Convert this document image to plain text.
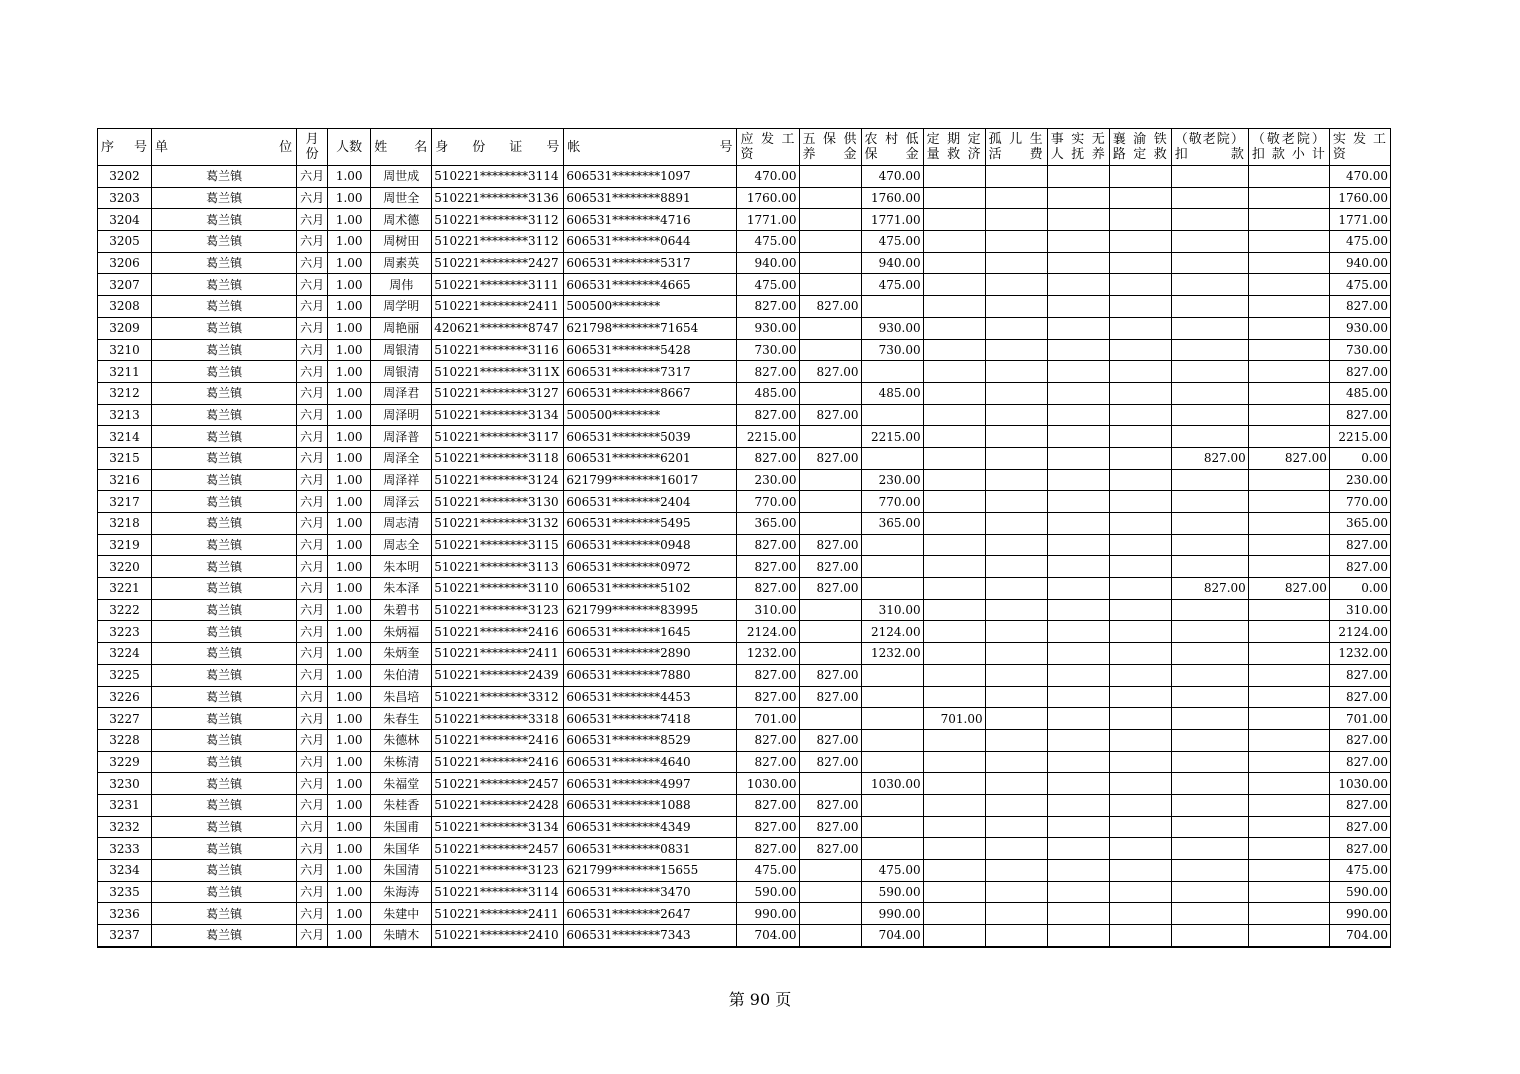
序　号	单　　　　　　位	月份	人数	姓　名	身　份　证　号	帐　　　　　　　号	应发工资	五保供养金	农村低保金	定期定量救济	孤儿生活费	事实无人抚养	襄渝铁路定救	（敬老院）扣　　款	（敬老院）扣款小计	实发工资
3202	葛兰镇	六月	1.00	周世成	510221********3114	606531********1097	470.00		470.00							470.00
3203	葛兰镇	六月	1.00	周世全	510221********3136	606531********8891	1760.00		1760.00							1760.00
3204	葛兰镇	六月	1.00	周术德	510221********3112	606531********4716	1771.00		1771.00							1771.00
3205	葛兰镇	六月	1.00	周树田	510221********3112	606531********0644	475.00		475.00							475.00
3206	葛兰镇	六月	1.00	周素英	510221********2427	606531********5317	940.00		940.00							940.00
3207	葛兰镇	六月	1.00	周伟	510221********3111	606531********4665	475.00		475.00							475.00
3208	葛兰镇	六月	1.00	周学明	510221********2411	500500********	827.00	827.00								827.00
3209	葛兰镇	六月	1.00	周艳丽	420621********8747	621798********71654	930.00		930.00							930.00
3210	葛兰镇	六月	1.00	周银清	510221********3116	606531********5428	730.00		730.00							730.00
3211	葛兰镇	六月	1.00	周银清	510221********311X	606531********7317	827.00	827.00								827.00
3212	葛兰镇	六月	1.00	周泽君	510221********3127	606531********8667	485.00		485.00							485.00
3213	葛兰镇	六月	1.00	周泽明	510221********3134	500500********	827.00	827.00								827.00
3214	葛兰镇	六月	1.00	周泽普	510221********3117	606531********5039	2215.00		2215.00							2215.00
3215	葛兰镇	六月	1.00	周泽全	510221********3118	606531********6201	827.00	827.00						827.00	827.00	0.00
3216	葛兰镇	六月	1.00	周泽祥	510221********3124	621799********16017	230.00		230.00							230.00
3217	葛兰镇	六月	1.00	周泽云	510221********3130	606531********2404	770.00		770.00							770.00
3218	葛兰镇	六月	1.00	周志清	510221********3132	606531********5495	365.00		365.00							365.00
3219	葛兰镇	六月	1.00	周志全	510221********3115	606531********0948	827.00	827.00								827.00
3220	葛兰镇	六月	1.00	朱本明	510221********3113	606531********0972	827.00	827.00								827.00
3221	葛兰镇	六月	1.00	朱本泽	510221********3110	606531********5102	827.00	827.00						827.00	827.00	0.00
3222	葛兰镇	六月	1.00	朱碧书	510221********3123	621799********83995	310.00		310.00							310.00
3223	葛兰镇	六月	1.00	朱炳福	510221********2416	606531********1645	2124.00		2124.00							2124.00
3224	葛兰镇	六月	1.00	朱炳奎	510221********2411	606531********2890	1232.00		1232.00							1232.00
3225	葛兰镇	六月	1.00	朱伯清	510221********2439	606531********7880	827.00	827.00								827.00
3226	葛兰镇	六月	1.00	朱昌培	510221********3312	606531********4453	827.00	827.00								827.00
3227	葛兰镇	六月	1.00	朱春生	510221********3318	606531********7418	701.00			701.00						701.00
3228	葛兰镇	六月	1.00	朱德林	510221********2416	606531********8529	827.00	827.00								827.00
3229	葛兰镇	六月	1.00	朱栋清	510221********2416	606531********4640	827.00	827.00								827.00
3230	葛兰镇	六月	1.00	朱福堂	510221********2457	606531********4997	1030.00		1030.00							1030.00
3231	葛兰镇	六月	1.00	朱桂香	510221********2428	606531********1088	827.00	827.00								827.00
3232	葛兰镇	六月	1.00	朱国甫	510221********3134	606531********4349	827.00	827.00								827.00
3233	葛兰镇	六月	1.00	朱国华	510221********2457	606531********0831	827.00	827.00								827.00
3234	葛兰镇	六月	1.00	朱国清	510221********3123	621799********15655	475.00		475.00							475.00
3235	葛兰镇	六月	1.00	朱海涛	510221********3114	606531********3470	590.00		590.00							590.00
3236	葛兰镇	六月	1.00	朱建中	510221********2411	606531********2647	990.00		990.00							990.00
3237	葛兰镇	六月	1.00	朱晴木	510221********2410	606531********7343	704.00		704.00							704.00
第 90 页
